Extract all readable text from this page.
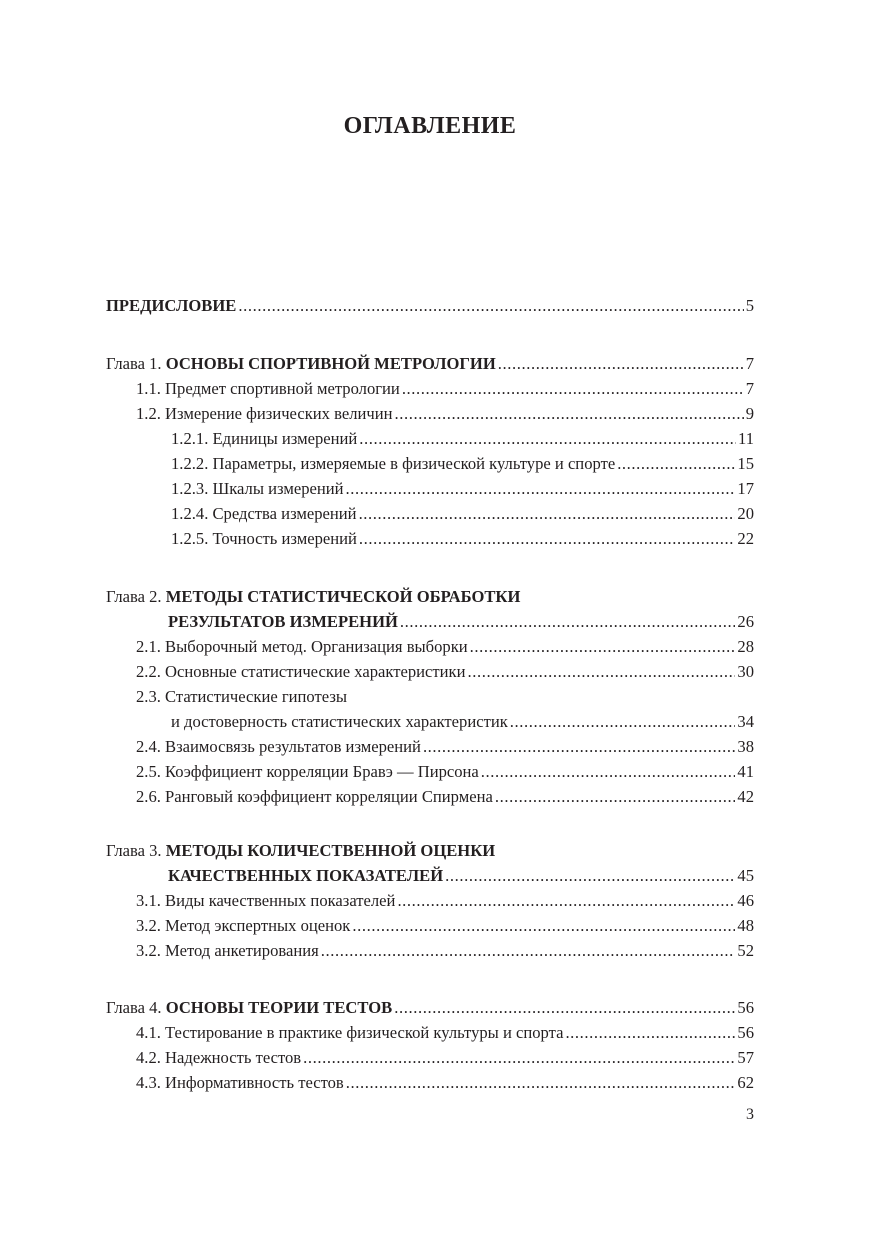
ОГЛАВЛЕНИЕ
ПРЕДИСЛОВИЕ .....	5
Глава 1. ОСНОВЫ СПОРТИВНОЙ МЕТРОЛОГИИ .....	7
1.1. Предмет спортивной метрологии .....	7
1.2. Измерение физических величин .....	9
1.2.1. Единицы измерений .....	11
1.2.2. Параметры, измеряемые в физической культуре и спорте .....	15
1.2.3. Шкалы измерений .....	17
1.2.4. Средства измерений .....	20
1.2.5. Точность измерений .....	22
Глава 2. МЕТОДЫ СТАТИСТИЧЕСКОЙ ОБРАБОТКИ
РЕЗУЛЬТАТОВ ИЗМЕРЕНИЙ .....	26
2.1. Выборочный метод. Организация выборки .....	28
2.2. Основные статистические характеристики .....	30
2.3. Статистические гипотезы
и достоверность статистических характеристик .....	34
2.4. Взаимосвязь результатов измерений .....	38
2.5. Коэффициент корреляции Бравэ — Пирсона .....	41
2.6. Ранговый коэффициент корреляции Спирмена .....	42
Глава 3. МЕТОДЫ КОЛИЧЕСТВЕННОЙ ОЦЕНКИ
КАЧЕСТВЕННЫХ ПОКАЗАТЕЛЕЙ .....	45
3.1. Виды качественных показателей .....	46
3.2. Метод экспертных оценок .....	48
3.2. Метод анкетирования .....	52
Глава 4. ОСНОВЫ ТЕОРИИ ТЕСТОВ .....	56
4.1. Тестирование в практике физической культуры и спорта .....	56
4.2. Надежность тестов .....	57
4.3. Информативность тестов .....	62
3
